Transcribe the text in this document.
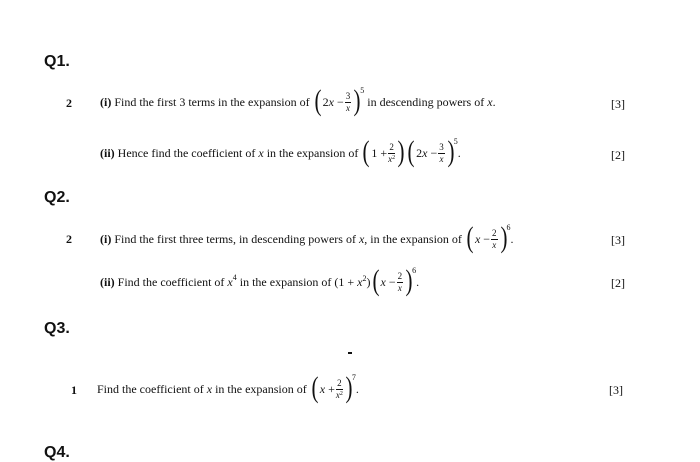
Q1.
2 (i)
Find the first 3 terms in the expansion of
( $2x - \frac{3}{x}$ ) 5

in descending powers of
x .	[3]
(ii)
Hence find the coefficient of
x
in the expansion of
( $1 + \frac{2}{x^2}$ ) ( $2x - \frac{3}{x}$ ) 5
.	[2]
Q2.
2 (i)
Find the first three terms, in descending powers of
x , in the expansion of
( $x - \frac{2}{x}$ ) 6
.	[3]
(ii)
Find the coefficient of
x 4
in the expansion of
$(1 + x^2)$ ( $x - \frac{2}{x}$ ) 6
.	[2]
Q3.
1 Find the coefficient of
x
in the expansion of
( $x + \frac{2}{x^2}$ ) 7
.	[3]
Q4.
